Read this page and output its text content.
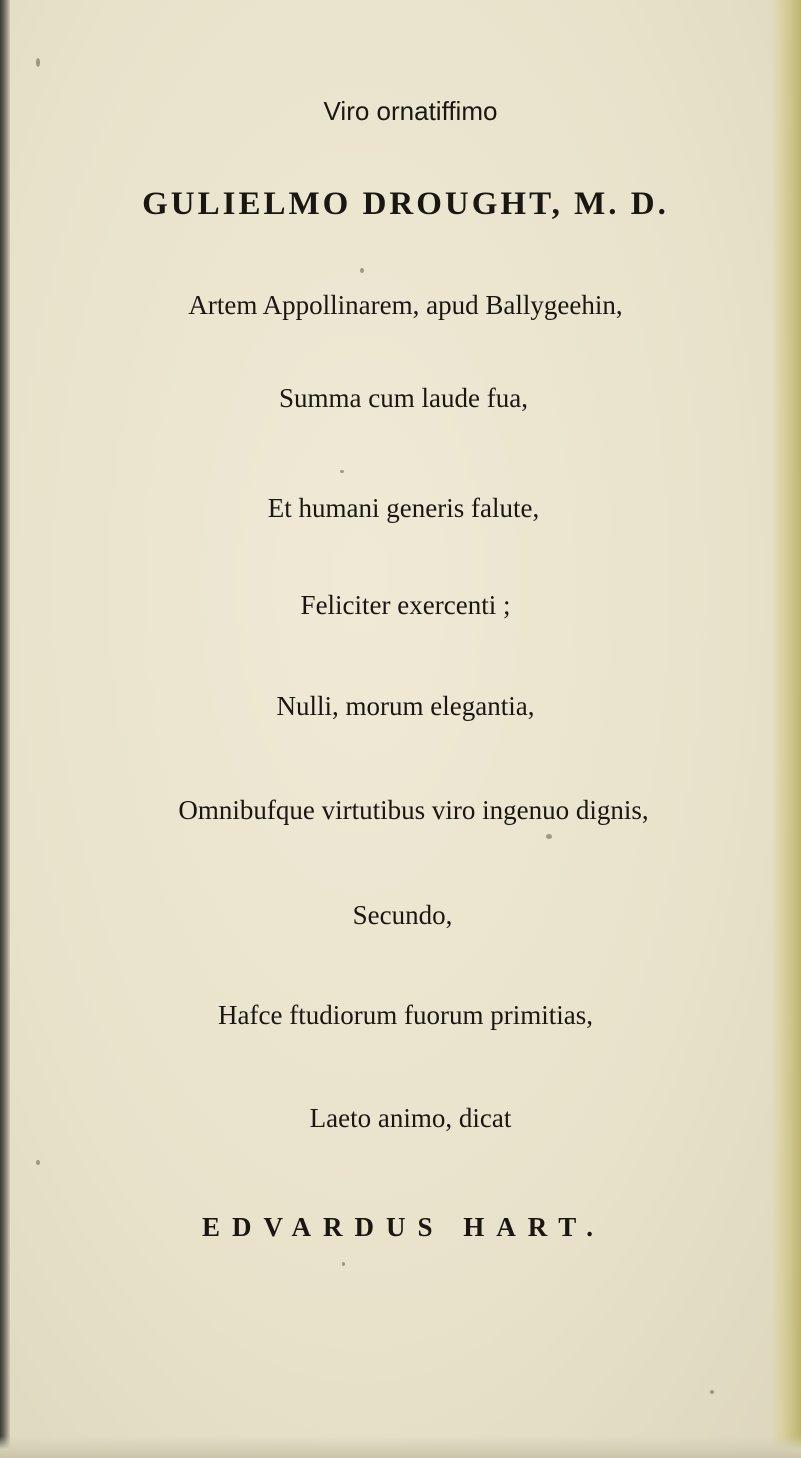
Viro ornatiffimo
GULIELMO DROUGHT, M. D.
Artem Appollinarem, apud Ballygeehin,
Summa cum laude fua,
Et humani generis falute,
Feliciter exercenti ;
Nulli, morum elegantia,
Omnibufque virtutibus viro ingenuo dignis,
Secundo,
Hafce ftudiorum fuorum primitias,
Laeto animo, dicat
EDVARDUS HART.
